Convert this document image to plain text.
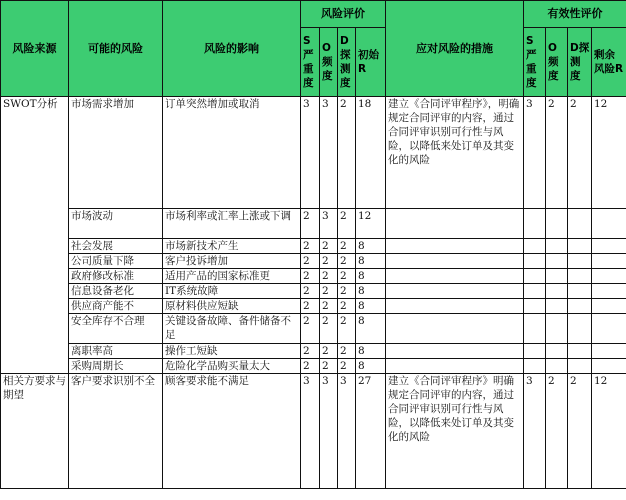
风险来源	可能的风险	风险的影响	风险评价				应对风险的措施	有效性评价			
			S严重度	O频度	D探测度	初始R		S严重度	O频度	D探测度	剩余风险R
SWOT分析	市场需求增加	订单突然增加或取消	3	3	2	18	建立《合同评审程序》，明确规定合同评审的内容，通过合同评审识别可行性与风险，以降低来处订单及其变化的风险	3	2	2	12
	市场波动	市场利率或汇率上涨或下调	2	3	2	12					
	社会发展	市场新技术产生	2	2	2	8					
	公司质量下降	客户投诉增加	2	2	2	8					
	政府修改标准	适用产品的国家标准更	2	2	2	8					
	信息设备老化	IT系统故障	2	2	2	8					
	供应商产能不	原材料供应短缺	2	2	2	8					
	安全库存不合理	关键设备故障、备件储备不足	2	2	2	8					
	离职率高	操作工短缺	2	2	2	8					
	采购周期长	危险化学品购买量太大	2	2	2	8					
相关方要求与期望	客户要求识别不全	顾客要求能不满足	3	3	3	27	建立《合同评审程序》明确规定合同评审的内容，通过合同评审识别可行性与风险，以降低来处订单及其变化的风险	3	2	2	12
